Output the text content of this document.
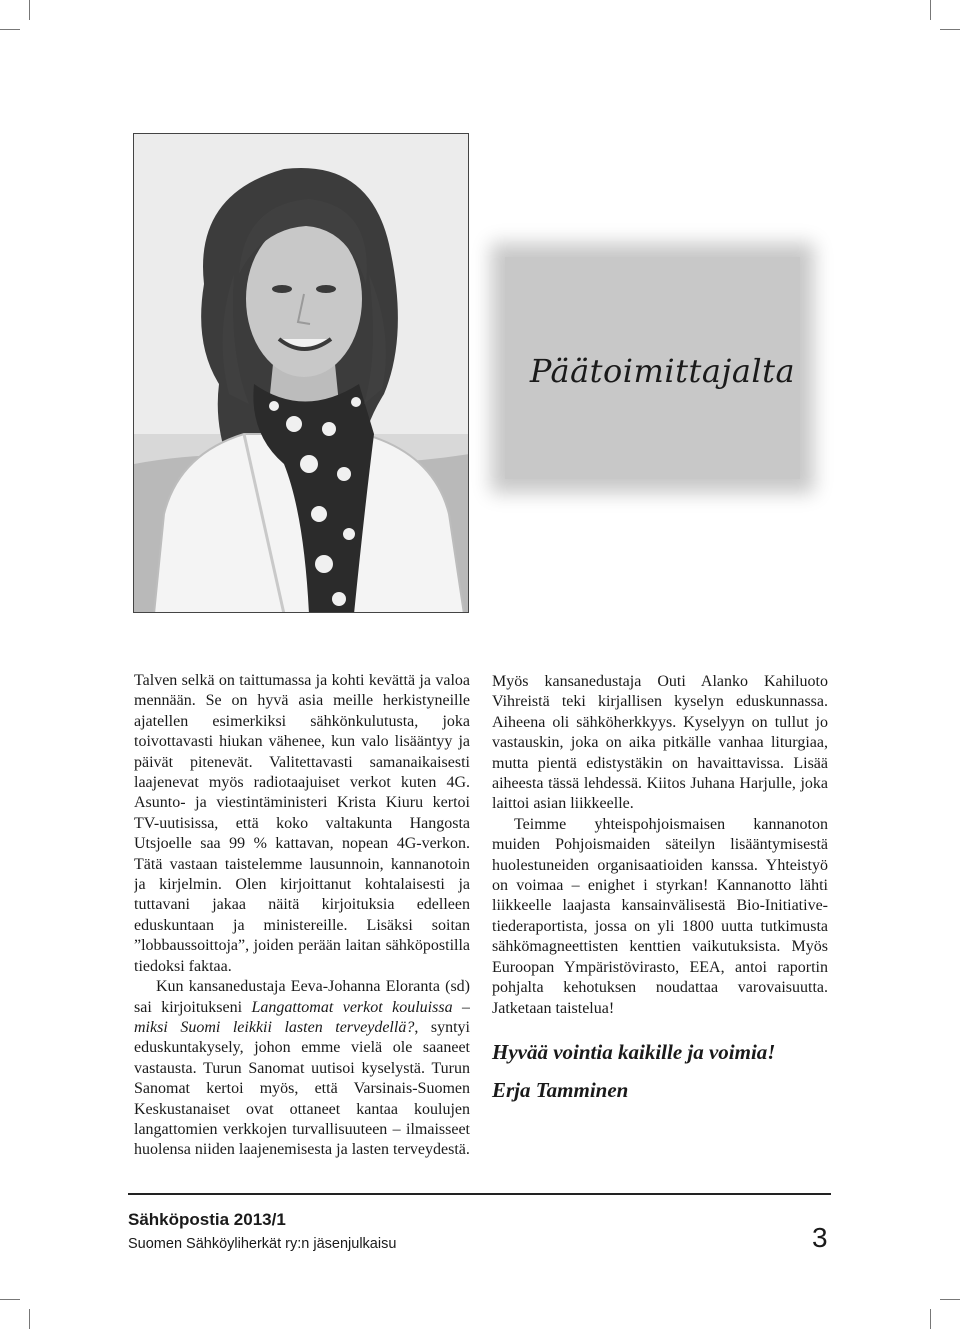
Päätoimittajalta

Talven selkä on taittumassa ja kohti kevättä ja valoa mennään. Se on hyvä asia meille herkistyneille ajatellen esimerkiksi sähkönkulutusta, joka toivottavasti hiukan vähenee, kun valo lisääntyy ja päivät pitenevät. Valitettavasti samanaikaisesti laajenevat myös radiotaajuiset verkot kuten 4G. Asunto- ja viestintäministeri Krista Kiuru kertoi TV-uutisissa, että koko valtakunta Hangosta Utsjoelle saa 99 % kattavan, nopean 4G-verkon. Tätä vastaan taistelemme lausunnoin, kannanotoin ja kirjelmin. Olen kirjoittanut kohtalaisesti ja tuttavani jakaa näitä kirjoituksia edelleen eduskuntaan ja ministereille. Lisäksi soitan ”lobbaussoittoja”, joiden perään laitan sähköpostilla tiedoksi faktaa.

Kun kansanedustaja Eeva-Johanna Eloranta (sd) sai kirjoitukseni Langattomat verkot kouluissa – miksi Suomi leikkii lasten terveydellä?, syntyi eduskuntakysely, johon emme vielä ole saaneet vastausta. Turun Sanomat uutisoi kyselystä. Turun Sanomat kertoi myös, että Varsinais-Suomen Keskustanaiset ovat ottaneet kantaa koulujen langattomien verkkojen turvallisuuteen – ilmaisseet huolensa niiden laajenemisesta ja lasten terveydestä.

Myös kansanedustaja Outi Alanko Kahiluoto Vihreistä teki kirjallisen kyselyn eduskunnassa. Aiheena oli sähköherkkyys. Kyselyyn on tullut jo vastauskin, joka on aika pitkälle vanhaa liturgiaa, mutta pientä edistystäkin on havaittavissa. Lisää aiheesta tässä lehdessä. Kiitos Juhana Harjulle, joka laittoi asian liikkeelle.

Teimme yhteispohjoismaisen kannanoton muiden Pohjoismaiden säteilyn lisääntymisestä huolestuneiden organisaatioiden kanssa. Yhteistyö on voimaa – enighet i styrkan! Kannanotto lähti liikkeelle laajasta kansainvälisestä Bio-Initiative-tiederaportista, jossa on yli 1800 uutta tutkimusta sähkömagneettisten kenttien vaikutuksista. Myös Euroopan Ympäristövirasto, EEA, antoi raportin pohjalta kehotuksen noudattaa varovaisuutta. Jatketaan taistelua!

Hyvää vointia kaikille ja voimia!

Erja Tamminen

Sähköpostia 2013/1
Suomen Sähköyliherkät ry:n jäsenjulkaisu	3
